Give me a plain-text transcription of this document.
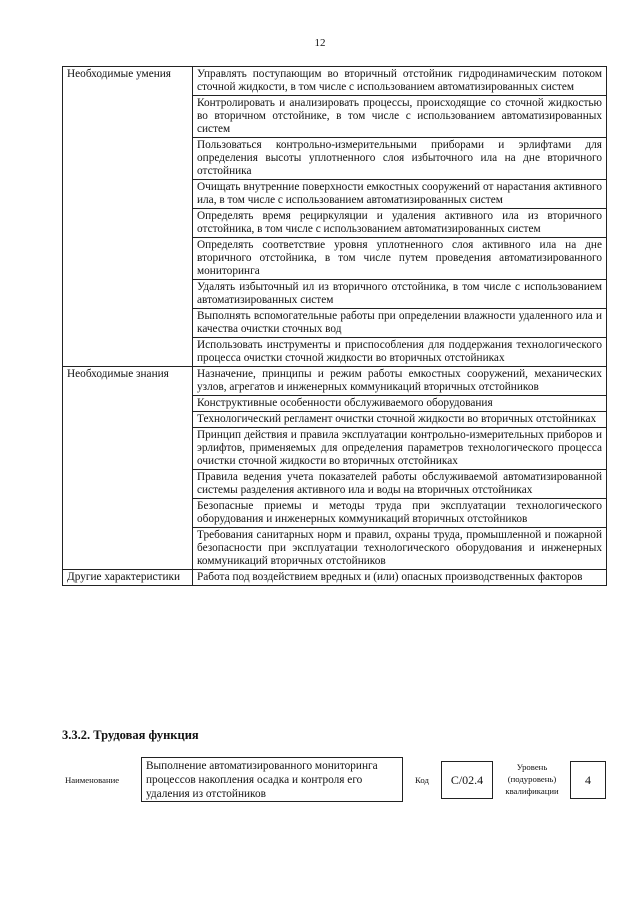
12
Необходимые умения	Управлять поступающим во вторичный отстойник гидродинамическим потоком сточной жидкости, в том числе с использованием автоматизированных систем
	Контролировать и анализировать процессы, происходящие со сточной жидкостью во вторичном отстойнике, в том числе с использованием автоматизированных систем
	Пользоваться контрольно-измерительными приборами и эрлифтами для определения высоты уплотненного слоя избыточного ила на дне вторичного отстойника
	Очищать внутренние поверхности емкостных сооружений от нарастания активного ила, в том числе с использованием автоматизированных систем
	Определять время рециркуляции и удаления активного ила из вторичного отстойника, в том числе с использованием автоматизированных систем
	Определять соответствие уровня уплотненного слоя активного ила на дне вторичного отстойника, в том числе путем проведения автоматизированного мониторинга
	Удалять избыточный ил из вторичного отстойника, в том числе с использованием автоматизированных систем
	Выполнять вспомогательные работы при определении влажности удаленного ила и качества очистки сточных вод
	Использовать инструменты и приспособления для поддержания технологического процесса очистки сточной жидкости во вторичных отстойниках
Необходимые знания	Назначение, принципы и режим работы емкостных сооружений, механических узлов, агрегатов и инженерных коммуникаций вторичных отстойников
	Конструктивные особенности обслуживаемого оборудования
	Технологический регламент очистки сточной жидкости во вторичных отстойниках
	Принцип действия и правила эксплуатации контрольно-измерительных приборов и эрлифтов, применяемых для определения параметров технологического процесса очистки сточной жидкости во вторичных отстойниках
	Правила ведения учета показателей работы обслуживаемой автоматизированной системы разделения активного ила и воды на вторичных отстойниках
	Безопасные приемы и методы труда при эксплуатации технологического оборудования и инженерных коммуникаций вторичных отстойников
	Требования санитарных норм и правил, охраны труда, промышленной и пожарной безопасности при эксплуатации технологического оборудования и инженерных коммуникаций вторичных отстойников
Другие характеристики	Работа под воздействием вредных и (или) опасных производственных факторов
3.3.2. Трудовая функция
Наименование
Выполнение автоматизированного мониторинга процессов накопления осадка и контроля его удаления из отстойников
Код	C/02.4
Уровень (подуровень) квалификации
4
